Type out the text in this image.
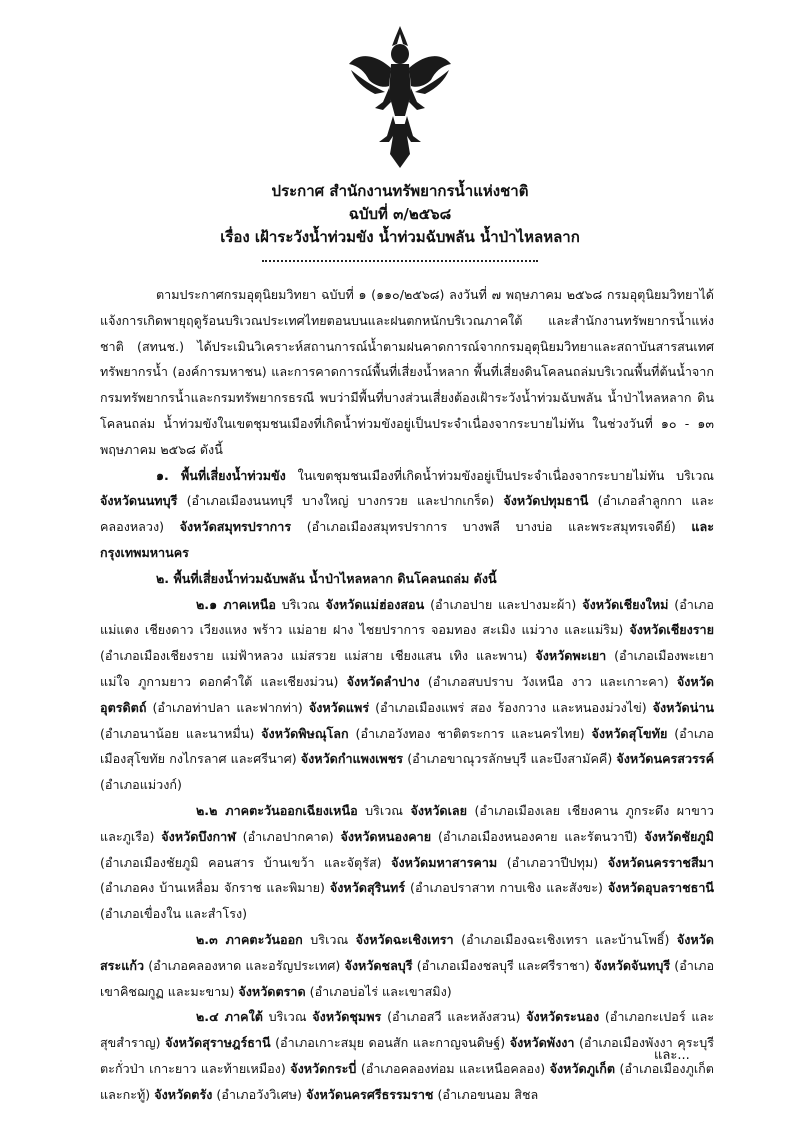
ประกาศ สำนักงานทรัพยากรน้ำแห่งชาติ
ฉบับที่ ๓/๒๕๖๘
เรื่อง เฝ้าระวังน้ำท่วมขัง น้ำท่วมฉับพลัน น้ำป่าไหลหลาก

ตามประกาศกรมอุตุนิยมวิทยา ฉบับที่ ๑ (๑๑๐/๒๕๖๘) ลงวันที่ ๗ พฤษภาคม ๒๕๖๘ กรมอุตุนิยมวิทยาได้แจ้งการเกิดพายุฤดูร้อนบริเวณประเทศไทยตอนบนและฝนตกหนักบริเวณภาคใต้ และสำนักงานทรัพยากรน้ำแห่งชาติ (สทนช.) ได้ประเมินวิเคราะห์สถานการณ์น้ำตามฝนคาดการณ์จากกรมอุตุนิยมวิทยาและสถาบันสารสนเทศทรัพยากรน้ำ (องค์การมหาชน) และการคาดการณ์พื้นที่เสี่ยงน้ำหลาก พื้นที่เสี่ยงดินโคลนถล่มบริเวณพื้นที่ต้นน้ำจากกรมทรัพยากรน้ำและกรมทรัพยากรธรณี พบว่ามีพื้นที่บางส่วนเสี่ยงต้องเฝ้าระวังน้ำท่วมฉับพลัน น้ำป่าไหลหลาก ดินโคลนถล่ม น้ำท่วมขังในเขตชุมชนเมืองที่เกิดน้ำท่วมขังอยู่เป็นประจำเนื่องจากระบายไม่ทัน ในช่วงวันที่ ๑๐ - ๑๓ พฤษภาคม ๒๕๖๘ ดังนี้

๑. พื้นที่เสี่ยงน้ำท่วมขัง ในเขตชุมชนเมืองที่เกิดน้ำท่วมขังอยู่เป็นประจำเนื่องจากระบายไม่ทัน บริเวณ จังหวัดนนทบุรี (อำเภอเมืองนนทบุรี บางใหญ่ บางกรวย และปากเกร็ด) จังหวัดปทุมธานี (อำเภอลำลูกกา และคลองหลวง) จังหวัดสมุทรปราการ (อำเภอเมืองสมุทรปราการ บางพลี บางบ่อ และพระสมุทรเจดีย์) และกรุงเทพมหานคร

๒. พื้นที่เสี่ยงน้ำท่วมฉับพลัน น้ำป่าไหลหลาก ดินโคลนถล่ม ดังนี้

๒.๑ ภาคเหนือ บริเวณ จังหวัดแม่ฮ่องสอน (อำเภอปาย และปางมะผ้า) จังหวัดเชียงใหม่ (อำเภอแม่แตง เชียงดาว เวียงแหง พร้าว แม่อาย ฝาง ไชยปราการ จอมทอง สะเมิง แม่วาง และแม่ริม) จังหวัดเชียงราย (อำเภอเมืองเชียงราย แม่ฟ้าหลวง แม่สรวย แม่สาย เชียงแสน เทิง และพาน) จังหวัดพะเยา (อำเภอเมืองพะเยา แม่ใจ ภูกามยาว ดอกคำใต้ และเชียงม่วน) จังหวัดลำปาง (อำเภอสบปราบ วังเหนือ งาว และเกาะคา) จังหวัดอุตรดิตถ์ (อำเภอท่าปลา และฟากท่า) จังหวัดแพร่ (อำเภอเมืองแพร่ สอง ร้องกวาง และหนองม่วงไข่) จังหวัดน่าน (อำเภอนาน้อย และนาหมื่น) จังหวัดพิษณุโลก (อำเภอวังทอง ชาติตระการ และนครไทย) จังหวัดสุโขทัย (อำเภอเมืองสุโขทัย กงไกรลาศ และศรีนาศ) จังหวัดกำแพงเพชร (อำเภอขาณุวรลักษบุรี และบึงสามัคคี) จังหวัดนครสวรรค์ (อำเภอแม่วงก์)

๒.๒ ภาคตะวันออกเฉียงเหนือ บริเวณ จังหวัดเลย (อำเภอเมืองเลย เชียงคาน ภูกระดึง ผาขาว และภูเรือ) จังหวัดบึงกาฬ (อำเภอปากคาด) จังหวัดหนองคาย (อำเภอเมืองหนองคาย และรัตนวาปี) จังหวัดชัยภูมิ (อำเภอเมืองชัยภูมิ คอนสาร บ้านเขว้า และจัตุรัส) จังหวัดมหาสารคาม (อำเภอวาปีปทุม) จังหวัดนครราชสีมา (อำเภอคง บ้านเหลื่อม จักราช และพิมาย) จังหวัดสุรินทร์ (อำเภอปราสาท กาบเชิง และสังขะ) จังหวัดอุบลราชธานี (อำเภอเขื่องใน และสำโรง)

๒.๓ ภาคตะวันออก บริเวณ จังหวัดฉะเชิงเทรา (อำเภอเมืองฉะเชิงเทรา และบ้านโพธิ์) จังหวัดสระแก้ว (อำเภอคลองหาด และอรัญประเทศ) จังหวัดชลบุรี (อำเภอเมืองชลบุรี และศรีราชา) จังหวัดจันทบุรี (อำเภอเขาคิชฌกูฏ และมะขาม) จังหวัดตราด (อำเภอบ่อไร่ และเขาสมิง)

๒.๔ ภาคใต้ บริเวณ จังหวัดชุมพร (อำเภอสวี และหลังสวน) จังหวัดระนอง (อำเภอกะเปอร์ และสุขสำราญ) จังหวัดสุราษฎร์ธานี (อำเภอเกาะสมุย ดอนสัก และกาญจนดิษฐ์) จังหวัดพังงา (อำเภอเมืองพังงา คุระบุรี ตะกั่วป่า เกาะยาว และท้ายเหมือง) จังหวัดกระบี่ (อำเภอคลองท่อม และเหนือคลอง) จังหวัดภูเก็ต (อำเภอเมืองภูเก็ต และกะทู้) จังหวัดตรัง (อำเภอวังวิเศษ) จังหวัดนครศรีธรรมราช (อำเภอขนอม สิชล

และ...
